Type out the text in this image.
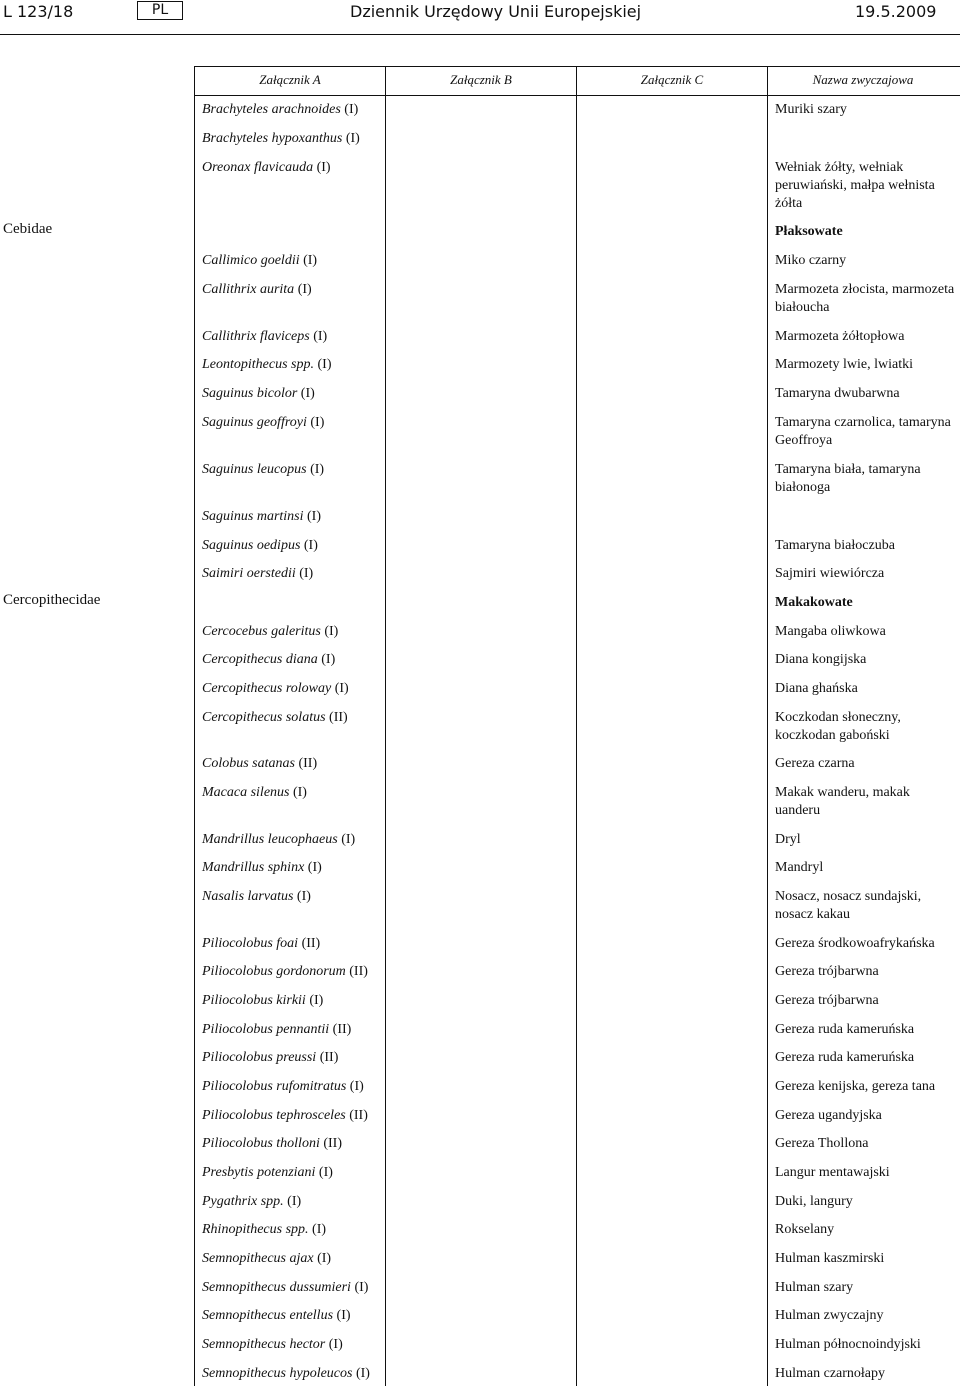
L 123/18	PL	Dziennik Urzędowy Unii Europejskiej	19.5.2009
Załącznik A	Załącznik B	Załącznik C	Nazwa zwyczajowa
Brachyteles arachnoides (I)	Muriki szary
Brachyteles hypoxanthus (I)
Oreonax flavicauda (I)	Wełniak żółty, wełniak peruwiański, małpa wełnista żółta
Cebidae	Płaksowate
Callimico goeldii (I)	Miko czarny
Callithrix aurita (I)	Marmozeta złocista, marmozeta białoucha
Callithrix flaviceps (I)	Marmozeta żółtopłowa
Leontopithecus spp. (I)	Marmozety lwie, lwiatki
Saguinus bicolor (I)	Tamaryna dwubarwna
Saguinus geoffroyi (I)	Tamaryna czarnolica, tamaryna Geoffroya
Saguinus leucopus (I)	Tamaryna biała, tamaryna białonoga
Saguinus martinsi (I)
Saguinus oedipus (I)	Tamaryna białoczuba
Saimiri oerstedii (I)	Sajmiri wiewiórcza
Cercopithecidae	Makakowate
Cercocebus galeritus (I)	Mangaba oliwkowa
Cercopithecus diana (I)	Diana kongijska
Cercopithecus roloway (I)	Diana ghańska
Cercopithecus solatus (II)	Koczkodan słoneczny, koczkodan gaboński
Colobus satanas (II)	Gereza czarna
Macaca silenus (I)	Makak wanderu, makak uanderu
Mandrillus leucophaeus (I)	Dryl
Mandrillus sphinx (I)	Mandryl
Nasalis larvatus (I)	Nosacz, nosacz sundajski, nosacz kakau
Piliocolobus foai (II)	Gereza środkowoafrykańska
Piliocolobus gordonorum (II)	Gereza trójbarwna
Piliocolobus kirkii (I)	Gereza trójbarwna
Piliocolobus pennantii (II)	Gereza ruda kameruńska
Piliocolobus preussi (II)	Gereza ruda kameruńska
Piliocolobus rufomitratus (I)	Gereza kenijska, gereza tana
Piliocolobus tephrosceles (II)	Gereza ugandyjska
Piliocolobus tholloni (II)	Gereza Thollona
Presbytis potenziani (I)	Langur mentawajski
Pygathrix spp. (I)	Duki, langury
Rhinopithecus spp. (I)	Rokselany
Semnopithecus ajax (I)	Hulman kaszmirski
Semnopithecus dussumieri (I)	Hulman szary
Semnopithecus entellus (I)	Hulman zwyczajny
Semnopithecus hector (I)	Hulman północnoindyjski
Semnopithecus hypoleucos (I)	Hulman czarnołapy
